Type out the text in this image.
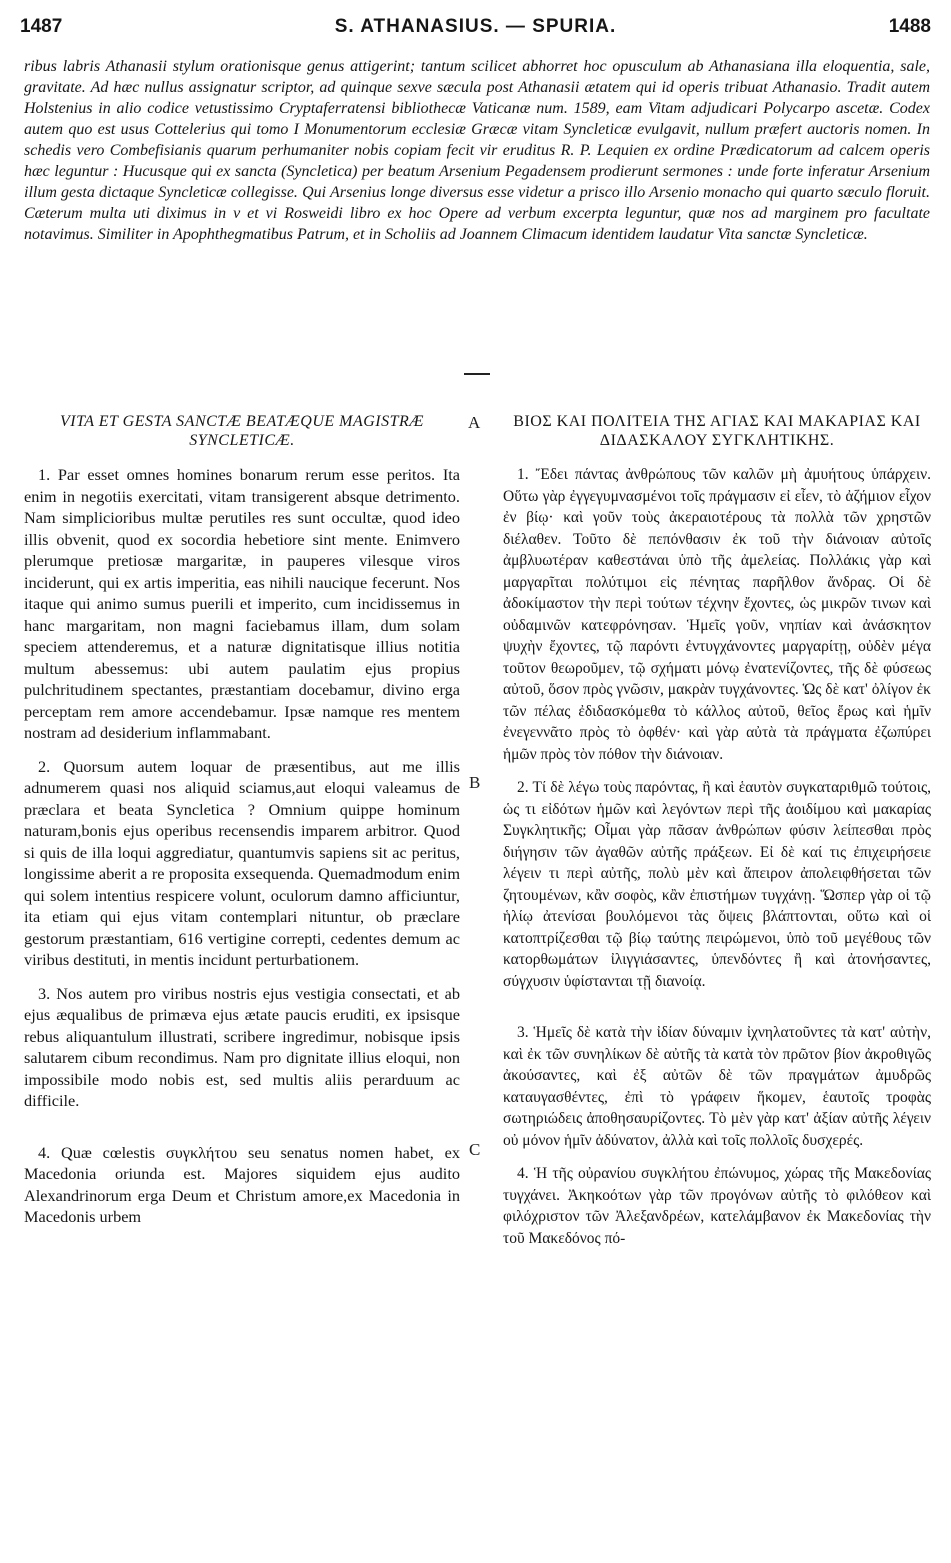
1487	S. ATHANASIUS. — SPURIA.	1488
ribus labris Athanasii stylum orationisque genus attigerint; tantum scilicet abhorret hoc opusculum ab Athanasiana illa eloquentia, sale, gravitate. Ad hæc nullus assignatur scriptor, ad quinque sexve sæcula post Athanasii ætatem qui id operis tribuat Athanasio. Tradit autem Holstenius in alio codice vetustissimo Cryptaferratensi bibliothecæ Vaticanæ num. 1589, eam Vitam adjudicari Polycarpo ascetæ. Codex autem quo est usus Cottelerius qui tomo I Monumentorum ecclesiæ Græcæ vitam Syncleticæ evulgavit, nullum præfert auctoris nomen. In schedis vero Combefisianis quarum perhumaniter nobis copiam fecit vir eruditus R. P. Lequien ex ordine Prædicatorum ad calcem operis hæc leguntur : Hucusque qui ex sancta (Syncletica) per beatum Arsenium Pegadensem prodierunt sermones : unde forte inferatur Arsenium illum gesta dictaque Syncleticæ collegisse. Qui Arsenius longe diversus esse videtur a prisco illo Arsenio monacho qui quarto sæculo floruit. Cæterum multa uti diximus in v et vi Rosweidi libro ex hoc Opere ad verbum excerpta leguntur, quæ nos ad marginem pro facultate notavimus. Similiter in Apophthegmatibus Patrum, et in Scholiis ad Joannem Climacum identidem laudatur Vita sanctæ Syncleticæ.
A
B
C
VITA ET GESTA SANCTÆ BEATÆQUE MAGISTRÆ SYNCLETICÆ.

1. Par esset omnes homines bonarum rerum esse peritos. Ita enim in negotiis exercitati, vitam transigerent absque detrimento. Nam simplicioribus multæ perutiles res sunt occultæ, quod ideo illis obvenit, quod ex socordia hebetiore sint mente. Enimvero plerumque pretiosæ margaritæ, in pauperes vilesque viros inciderunt, qui ex artis imperitia, eas nihili naucique fecerunt. Nos itaque qui animo sumus puerili et imperito, cum incidissemus in hanc margaritam, non magni faciebamus illam, dum solam speciem attenderemus, et a naturæ dignitatisque illius notitia multum abessemus: ubi autem paulatim ejus propius pulchritudinem spectantes, præstantiam docebamur, divino erga perceptam rem amore accendebamur. Ipsæ namque res mentem nostram ad desiderium inflammabant.

2. Quorsum autem loquar de præsentibus, aut me illis adnumerem quasi nos aliquid sciamus,aut eloqui valeamus de præclara et beata Syncletica ? Omnium quippe hominum naturam,bonis ejus operibus recensendis imparem arbitror. Quod si quis de illa loqui aggrediatur, quantumvis sapiens sit ac peritus, longissime aberit a re proposita exsequenda. Quemadmodum enim qui solem intentius respicere volunt, oculorum damno afficiuntur, ita etiam qui ejus vitam contemplari nituntur, ob præclare gestorum præstantiam, 616 vertigine correpti, cedentes demum ac viribus destituti, in mentis incidunt perturbationem.

3. Nos autem pro viribus nostris ejus vestigia consectati, et ab ejus æqualibus de primæva ejus ætate paucis eruditi, ex ipsisque rebus aliquantulum illustrati, scribere ingredimur, nobisque ipsis salutarem cibum recondimus. Nam pro dignitate illius eloqui, non impossibile modo nobis est, sed multis aliis perarduum ac difficile.

4. Quæ cœlestis συγκλήτου seu senatus nomen habet, ex Macedonia oriunda est. Majores siquidem ejus audito Alexandrinorum erga Deum et Christum amore,ex Macedonia in Macedonis urbem

ΒΙΟΣ ΚΑΙ ΠΟΛΙΤΕΙΑ ΤΗΣ ΑΓΙΑΣ ΚΑΙ ΜΑΚΑΡΙΑΣ ΚΑΙ ΔΙΔΑΣΚΑΛΟΥ ΣΥΓΚΛΗΤΙΚΗΣ.

1. Ἔδει πάντας ἀνθρώπους τῶν καλῶν μὴ ἀμυήτους ὑπάρχειν. Οὕτω γὰρ ἐγγεγυμνασμένοι τοῖς πράγμασιν εἰ εἶεν, τὸ ἀζήμιον εἶχον ἐν βίῳ· καὶ γοῦν τοὺς ἀκεραιοτέρους τὰ πολλὰ τῶν χρηστῶν διέλαθεν. Τοῦτο δὲ πεπόνθασιν ἐκ τοῦ τὴν διάνοιαν αὐτοῖς ἀμβλυωτέραν καθεστάναι ὑπὸ τῆς ἀμελείας. Πολλάκις γὰρ καὶ μαργαρῖται πολύτιμοι εἰς πένητας παρῆλθον ἄνδρας. Οἱ δὲ ἀδοκίμαστον τὴν περὶ τούτων τέχνην ἔχοντες, ὡς μικρῶν τινων καὶ οὐδαμινῶν κατεφρόνησαν. Ἡμεῖς γοῦν, νηπίαν καὶ ἀνάσκητον ψυχὴν ἔχοντες, τῷ παρόντι ἐντυγχάνοντες μαργαρίτῃ, οὐδὲν μέγα τοῦτον θεωροῦμεν, τῷ σχήματι μόνῳ ἐνατενίζοντες, τῆς δὲ φύσεως αὐτοῦ, ὅσον πρὸς γνῶσιν, μακρὰν τυγχάνοντες. Ὡς δὲ κατ' ὀλίγον ἐκ τῶν πέλας ἐδιδασκόμεθα τὸ κάλλος αὐτοῦ, θεῖος ἔρως καὶ ἡμῖν ἐνεγεννᾶτο πρὸς τὸ ὀφθέν· καὶ γὰρ αὐτὰ τὰ πράγματα ἐζωπύρει ἡμῶν πρὸς τὸν πόθον τὴν διάνοιαν.

2. Τί δὲ λέγω τοὺς παρόντας, ἢ καὶ ἑαυτὸν συγκαταριθμῶ τούτοις, ὡς τι εἰδότων ἡμῶν καὶ λεγόντων περὶ τῆς ἀοιδίμου καὶ μακαρίας Συγκλητικῆς; Οἶμαι γὰρ πᾶσαν ἀνθρώπων φύσιν λείπεσθαι πρὸς διήγησιν τῶν ἀγαθῶν αὐτῆς πράξεων. Εἰ δὲ καί τις ἐπιχειρήσειε λέγειν τι περὶ αὐτῆς, πολὺ μὲν καὶ ἄπειρον ἀπολειφθήσεται τῶν ζητουμένων, κἂν σοφὸς, κἂν ἐπιστήμων τυγχάνῃ. Ὥσπερ γὰρ οἱ τῷ ἡλίῳ ἀτενίσαι βουλόμενοι τὰς ὄψεις βλάπτονται, οὕτω καὶ οἱ κατοπτρίζεσθαι τῷ βίῳ ταύτης πειρώμενοι, ὑπὸ τοῦ μεγέθους τῶν κατορθωμάτων ἰλιγγιάσαντες, ὑπενδόντες ἢ καὶ ἀτονήσαντες, σύγχυσιν ὑφίστανται τῇ διανοίᾳ.

3. Ἡμεῖς δὲ κατὰ τὴν ἰδίαν δύναμιν ἰχνηλατοῦντες τὰ κατ' αὐτὴν, καὶ ἐκ τῶν συνηλίκων δὲ αὐτῆς τὰ κατὰ τὸν πρῶτον βίον ἀκροθιγῶς ἀκούσαντες, καὶ ἐξ αὐτῶν δὲ τῶν πραγμάτων ἀμυδρῶς καταυγασθέντες, ἐπὶ τὸ γράφειν ἥκομεν, ἑαυτοῖς τροφὰς σωτηριώδεις ἀποθησαυρίζοντες. Τὸ μὲν γὰρ κατ' ἀξίαν αὐτῆς λέγειν οὐ μόνον ἡμῖν ἀδύνατον, ἀλλὰ καὶ τοῖς πολλοῖς δυσχερές.

4. Ἡ τῆς οὐρανίου συγκλήτου ἐπώνυμος, χώρας τῆς Μακεδονίας τυγχάνει. Ἀκηκοότων γὰρ τῶν προγόνων αὐτῆς τὸ φιλόθεον καὶ φιλόχριστον τῶν Ἀλεξανδρέων, κατελάμβανον ἐκ Μακεδονίας τὴν τοῦ Μακεδόνος πό-
